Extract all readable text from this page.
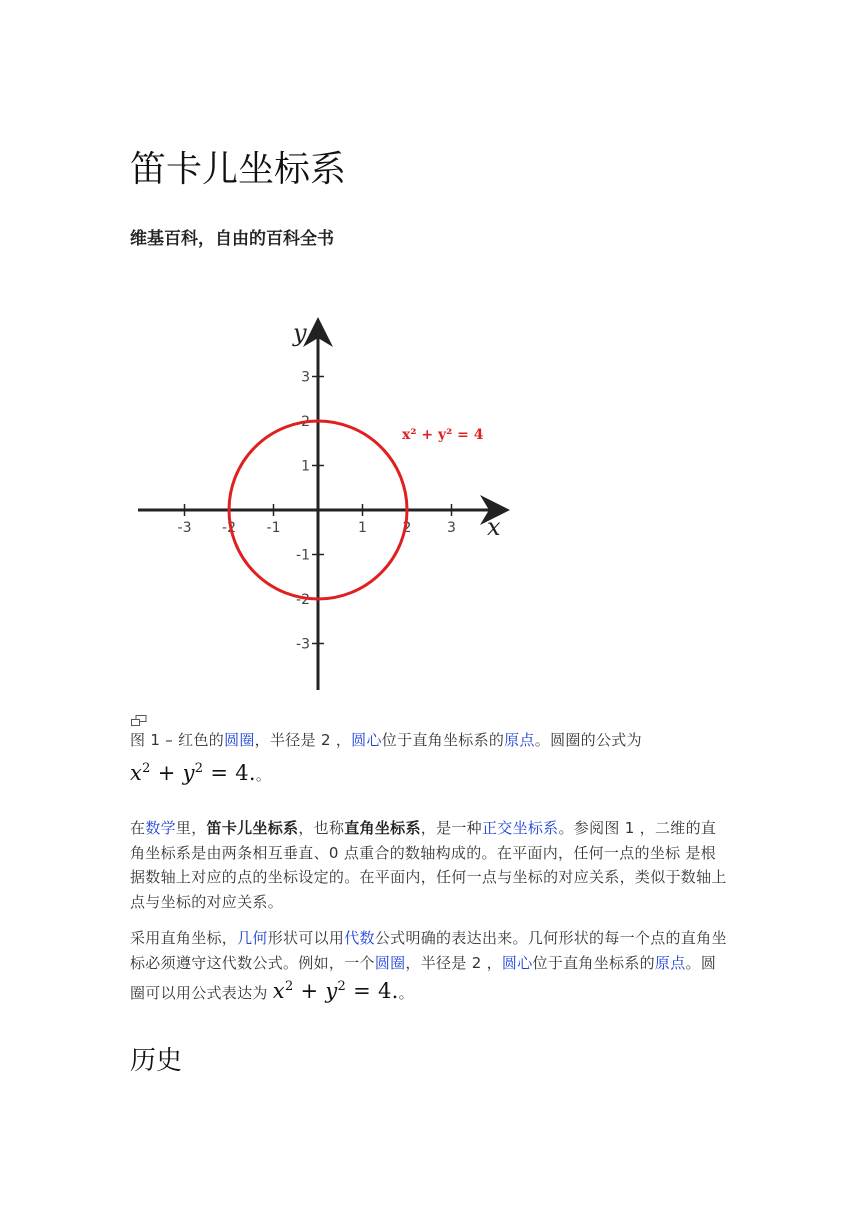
笛卡儿坐标系
维基百科，自由的百科全书
-3 -2 -1	1	2	3
3
2
1
-1
-2
-3
y
x
x² + y² = 4
图 1 – 红色的圆圈，半径是 2 ，圆心位于直角坐标系的原点。圆圈的公式为
$x^2 + y^2 = 4$.。
在数学里，笛卡儿坐标系，也称直角坐标系，是一种正交坐标系。参阅图 1 ，二维的直角坐标系是由两条相互垂直、0 点重合的数轴构成的。在平面内，任何一点的坐标 是根据数轴上对应的点的坐标设定的。在平面内，任何一点与坐标的对应关系，类似于数轴上点与坐标的对应关系。
采用直角坐标，几何形状可以用代数公式明确的表达出来。几何形状的每一个点的直角坐标必须遵守这代数公式。例如，一个圆圈，半径是 2 ，圆心位于直角坐标系的原点。圆圈可以用公式表达为 $x^2 + y^2 = 4$.。
历史
